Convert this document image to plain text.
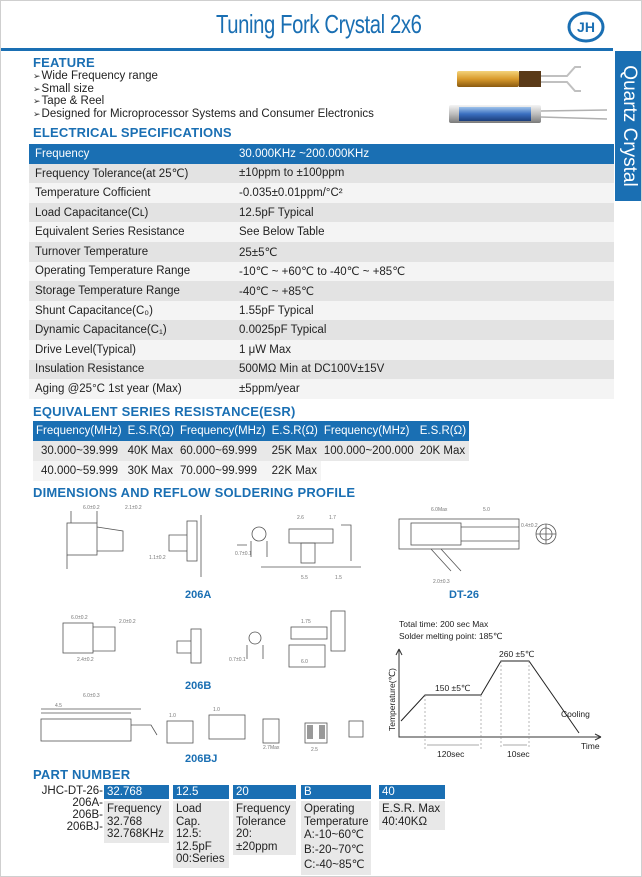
Tuning Fork Crystal 2x6	JH
Quartz Crystal
FEATURE
➢ Wide Frequency range
➢ Small size
➢ Tape & Reel
➢ Designed for Microprocessor Systems and Consumer Electronics
ELECTRICAL SPECIFICATIONS
Frequency	30.000KHz ~200.000KHz
Frequency Tolerance(at 25℃)	±10ppm to ±100ppm
Temperature Cofficient	-0.035±0.01ppm/°C²
Load Capacitance(Cʟ)	12.5pF Typical
Equivalent Series Resistance	See Below Table
Turnover Temperature	25±5℃
Operating Temperature Range	-10℃ ~ +60℃ to -40℃ ~ +85℃
Storage Temperature Range	-40℃ ~ +85℃
Shunt Capacitance(C₀)	1.55pF Typical
Dynamic Capacitance(C₁)	0.0025pF Typical
Drive Level(Typical)	1 μW Max
Insulation Resistance	500MΩ Min at DC100V±15V
Aging @25°C 1st year (Max)	±5ppm/year
EQUIVALENT SERIES RESISTANCE(ESR)
Frequency(MHz)	E.S.R(Ω)	Frequency(MHz)	E.S.R(Ω)	Frequency(MHz)	E.S.R(Ω)
30.000~39.999	40K Max	60.000~69.999	25K Max	100.000~200.000	20K Max
40.000~59.999	30K Max	70.000~99.999	22K Max		
DIMENSIONS AND REFLOW SOLDERING PROFILE
6.0±0.2	2.1±0.2
1.1±0.2
0.7±0.1
2.6	1.7
5.5	1.5
206A
6.0Max	5.0
0.4±0.2
2.0±0.3
DT-26
6.0±0.2
2.0±0.2
2.4±0.2	0.7±0.1
1.75
6.0
206B
6.0±0.3
4.5
1.0
1.0
2.7Max	2.5
206BJ
Total time: 200 sec Max
Solder melting point: 185℃
150 ±5℃
260 ±5℃
Cooling
120sec	10sec
Time
Temperature(℃)
PART NUMBER
JHC-DT-26-
206A-
206B-
206BJ-
32.768
Frequency
32.768
32.768KHz
12.5
Load Cap.
12.5:
12.5pF
00:Series
20
Frequency
Tolerance
20:±20ppm
B
Operating
Temperature
A:-10~60℃
B:-20~70℃
C:-40~85℃
40
E.S.R. Max
40:40KΩ
